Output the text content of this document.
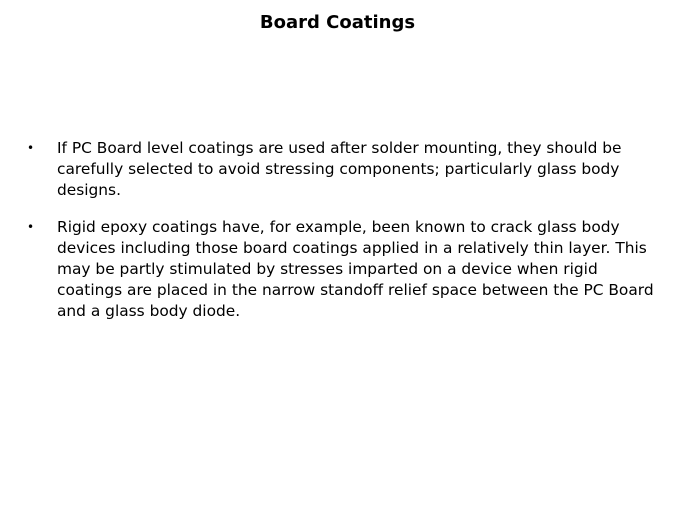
Board Coatings
• If PC Board level coatings are used after solder mounting, they should be carefully selected to avoid stressing components; particularly glass body designs.
• Rigid epoxy coatings have, for example, been known to crack glass body devices including those board coatings applied in a relatively thin layer. This may be partly stimulated by stresses imparted on a device when rigid coatings are placed in the narrow standoff relief space between the PC Board and a glass body diode.
